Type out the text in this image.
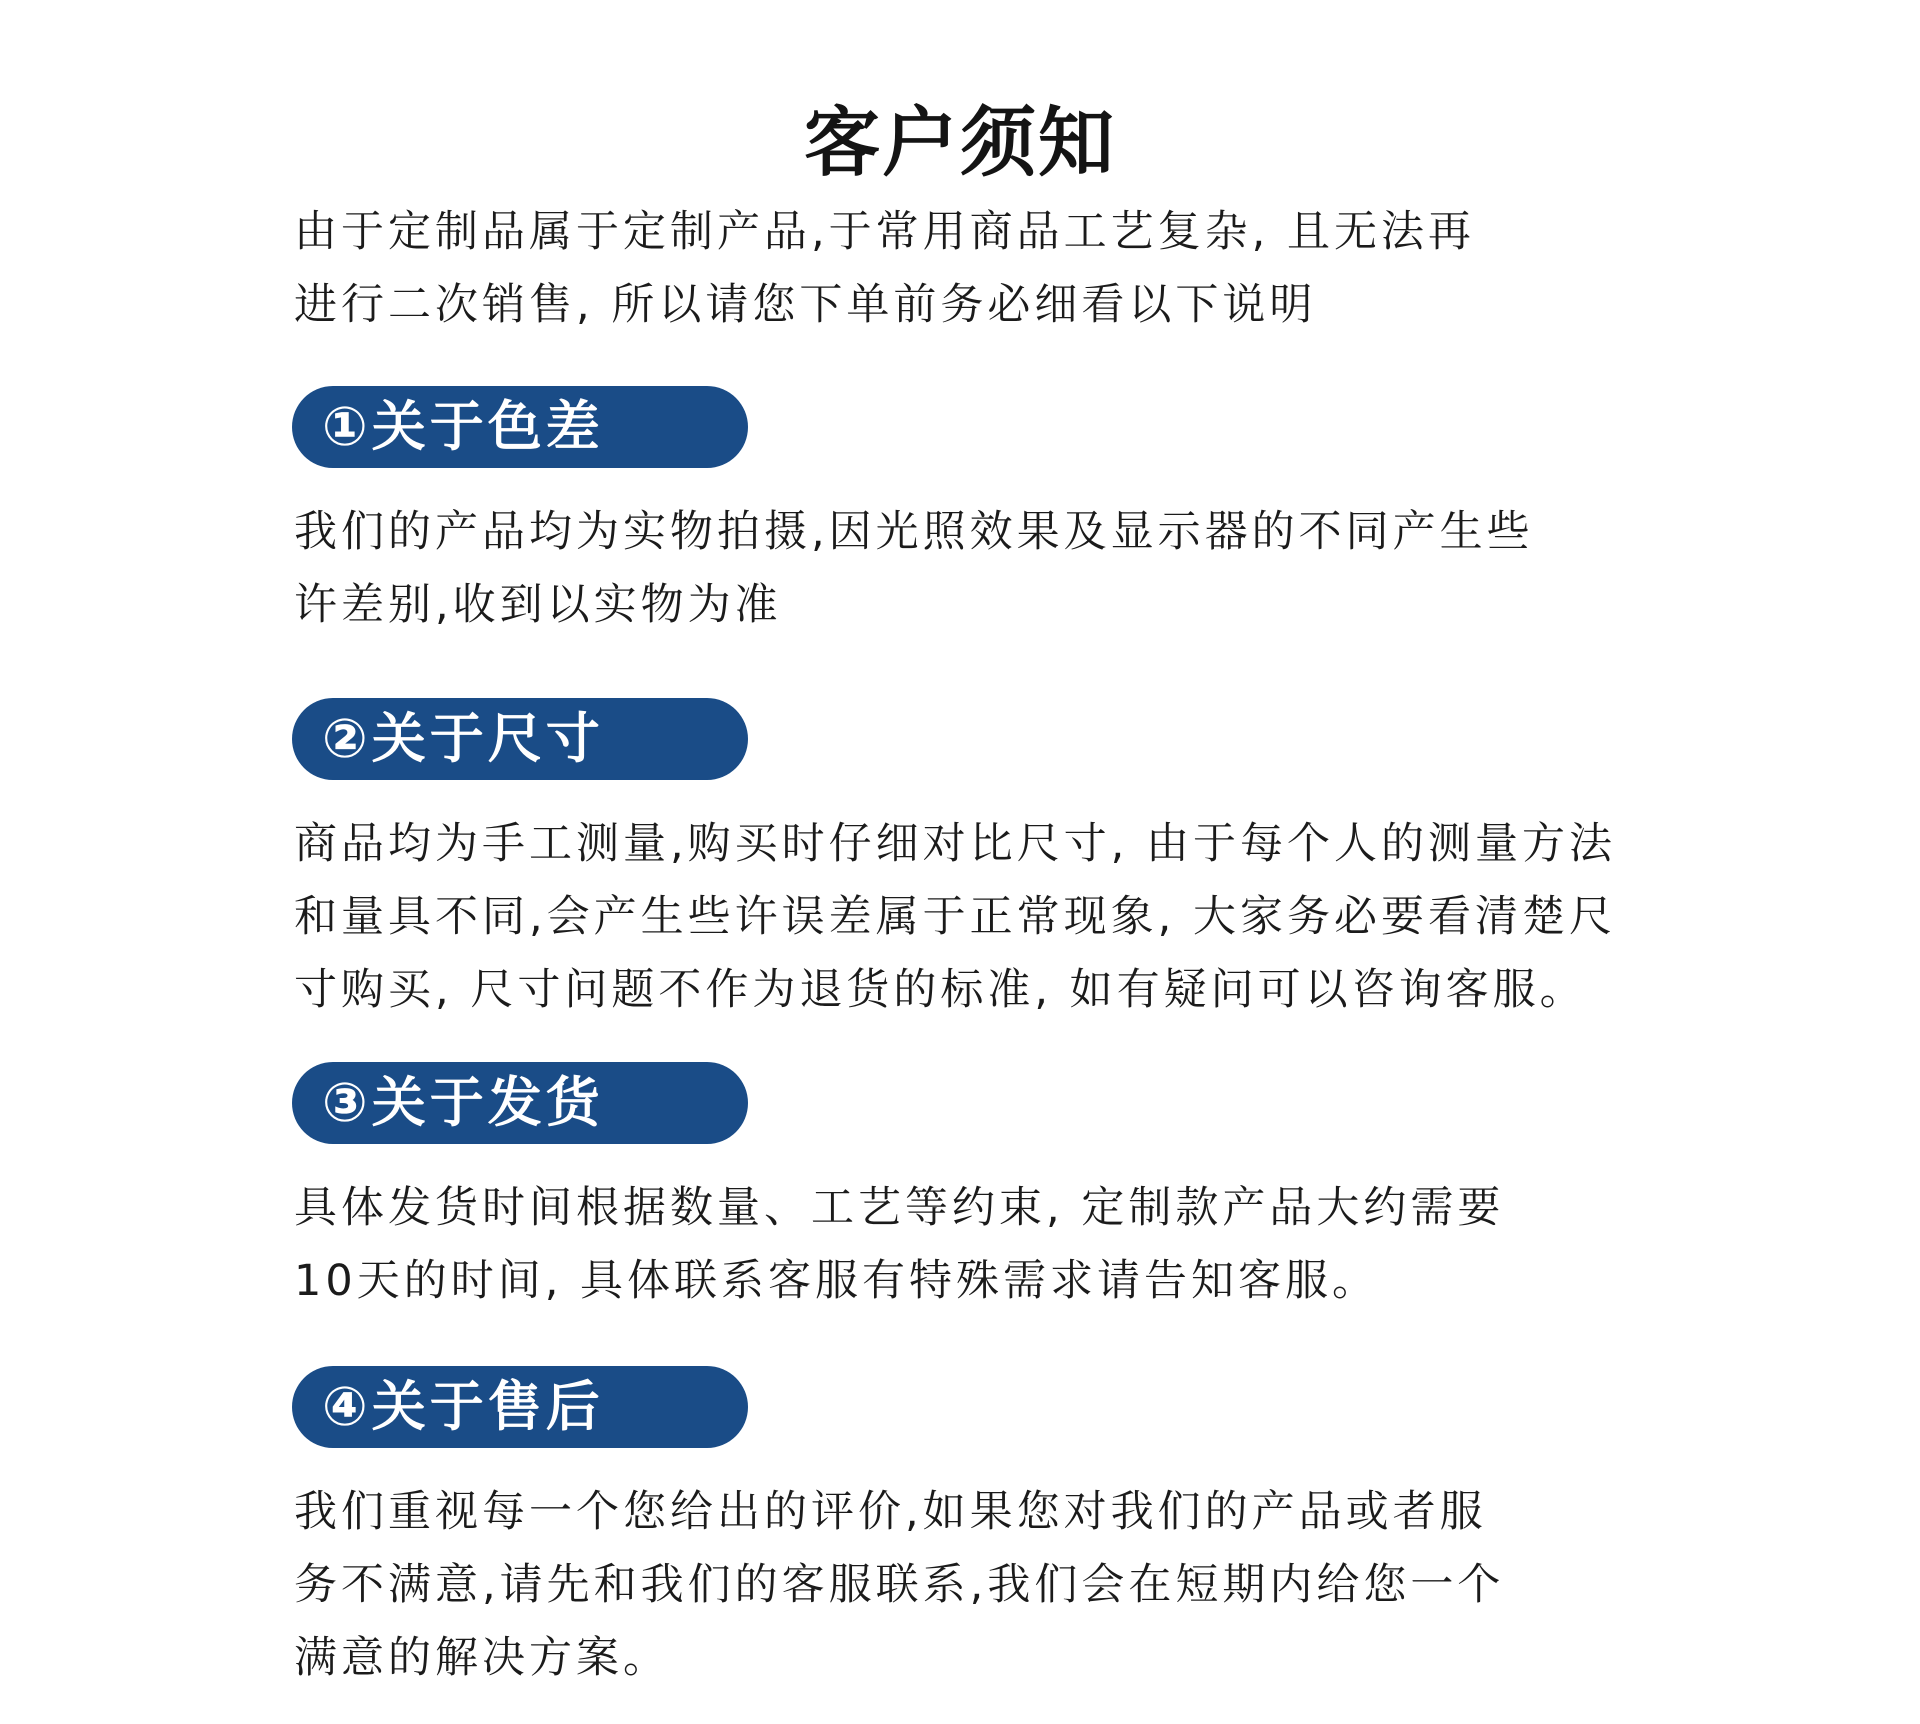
客户须知
由于定制品属于定制产品,于常用商品工艺复杂, 且无法再
进行二次销售, 所以请您下单前务必细看以下说明
①关于色差
我们的产品均为实物拍摄,因光照效果及显示器的不同产生些
许差别,收到以实物为准
②关于尺寸
商品均为手工测量,购买时仔细对比尺寸, 由于每个人的测量方法
和量具不同,会产生些许误差属于正常现象, 大家务必要看清楚尺
寸购买, 尺寸问题不作为退货的标准, 如有疑问可以咨询客服。
③关于发货
具体发货时间根据数量、工艺等约束, 定制款产品大约需要
10天的时间, 具体联系客服有特殊需求请告知客服。
④关于售后
我们重视每一个您给出的评价,如果您对我们的产品或者服
务不满意,请先和我们的客服联系,我们会在短期内给您一个
满意的解决方案。
